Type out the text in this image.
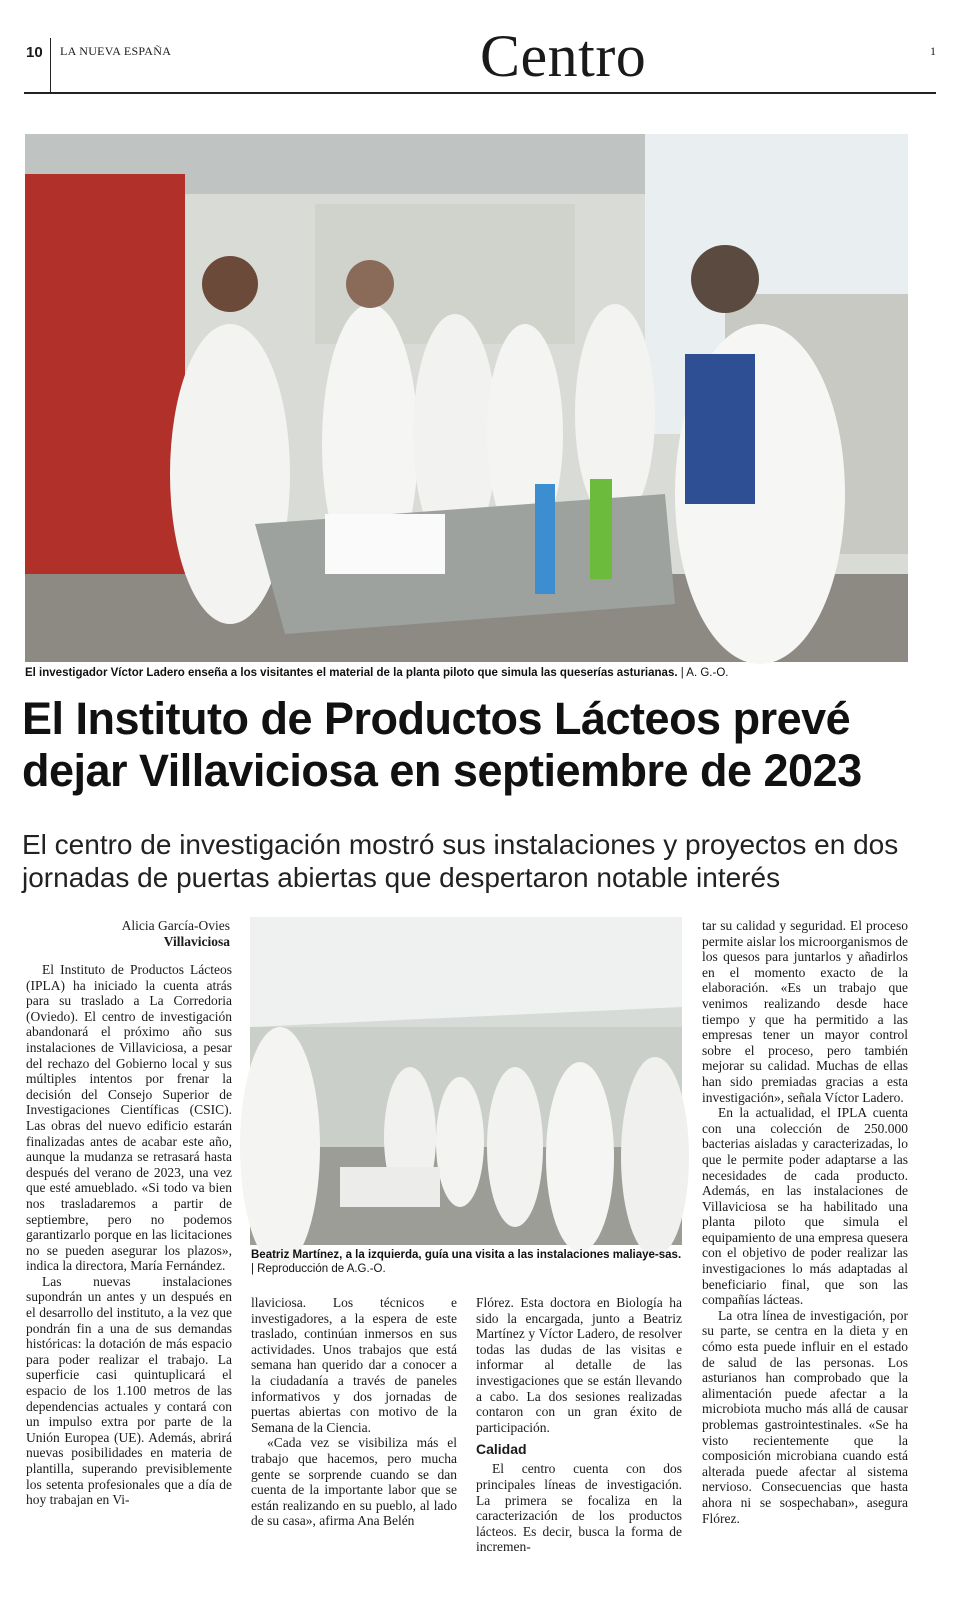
10 LA NUEVA ESPAÑA	Centro	1
El investigador Víctor Ladero enseña a los visitantes el material de la planta piloto que simula las queserías asturianas. | A. G.-O.
El Instituto de Productos Lácteos prevé dejar Villaviciosa en septiembre de 2023
El centro de investigación mostró sus instalaciones y proyectos en dos jornadas de puertas abiertas que despertaron notable interés
Alicia García-Ovies
Villaviciosa

El Instituto de Productos Lácteos (IPLA) ha iniciado la cuenta atrás para su traslado a La Corredoria (Oviedo). El centro de investigación abandonará el próximo año sus instalaciones de Villaviciosa, a pesar del rechazo del Gobierno local y sus múltiples intentos por frenar la decisión del Consejo Superior de Investigaciones Científicas (CSIC). Las obras del nuevo edificio estarán finalizadas antes de acabar este año, aunque la mudanza se retrasará hasta después del verano de 2023, una vez que esté amueblado. «Si todo va bien nos trasladaremos a partir de septiembre, pero no podemos garantizarlo porque en las licitaciones no se pueden asegurar los plazos», indica la directora, María Fernández.

Las nuevas instalaciones supondrán un antes y un después en el desarrollo del instituto, a la vez que pondrán fin a una de sus demandas históricas: la dotación de más espacio para poder realizar el trabajo. La superficie casi quintuplicará el espacio de los 1.100 metros de las dependencias actuales y contará con un impulso extra por parte de la Unión Europea (UE). Además, abrirá nuevas posibilidades en materia de plantilla, superando previsiblemente los setenta profesionales que a día de hoy trabajan en Vi-

Beatriz Martínez, a la izquierda, guía una visita a las instalaciones maliaye-sas. | Reproducción de A.G.-O.

llaviciosa. Los técnicos e investigadores, a la espera de este traslado, continúan inmersos en sus actividades. Unos trabajos que está semana han querido dar a conocer a la ciudadanía a través de paneles informativos y dos jornadas de puertas abiertas con motivo de la Semana de la Ciencia.

«Cada vez se visibiliza más el trabajo que hacemos, pero mucha gente se sorprende cuando se dan cuenta de la importante labor que se están realizando en su pueblo, al lado de su casa», afirma Ana Belén

Flórez. Esta doctora en Biología ha sido la encargada, junto a Beatriz Martínez y Víctor Ladero, de resolver todas las dudas de las visitas e informar al detalle de las investigaciones que se están llevando a cabo. La dos sesiones realizadas contaron con un gran éxito de participación.

Calidad

El centro cuenta con dos principales líneas de investigación. La primera se focaliza en la caracterización de los productos lácteos. Es decir, busca la forma de incremen-

tar su calidad y seguridad. El proceso permite aislar los microorganismos de los quesos para juntarlos y añadirlos en el momento exacto de la elaboración. «Es un trabajo que venimos realizando desde hace tiempo y que ha permitido a las empresas tener un mayor control sobre el proceso, pero también mejorar su calidad. Muchas de ellas han sido premiadas gracias a esta investigación», señala Víctor Ladero.

En la actualidad, el IPLA cuenta con una colección de 250.000 bacterias aisladas y caracterizadas, lo que le permite poder adaptarse a las necesidades de cada producto. Además, en las instalaciones de Villaviciosa se ha habilitado una planta piloto que simula el equipamiento de una empresa quesera con el objetivo de poder realizar las investigaciones lo más adaptadas al beneficiario final, que son las compañías lácteas.

La otra línea de investigación, por su parte, se centra en la dieta y en cómo esta puede influir en el estado de salud de las personas. Los asturianos han comprobado que la alimentación puede afectar a la microbiota mucho más allá de causar problemas gastrointestinales. «Se ha visto recientemente que la composición microbiana cuando está alterada puede afectar al sistema nervioso. Consecuencias que hasta ahora ni se sospechaban», asegura Flórez.
